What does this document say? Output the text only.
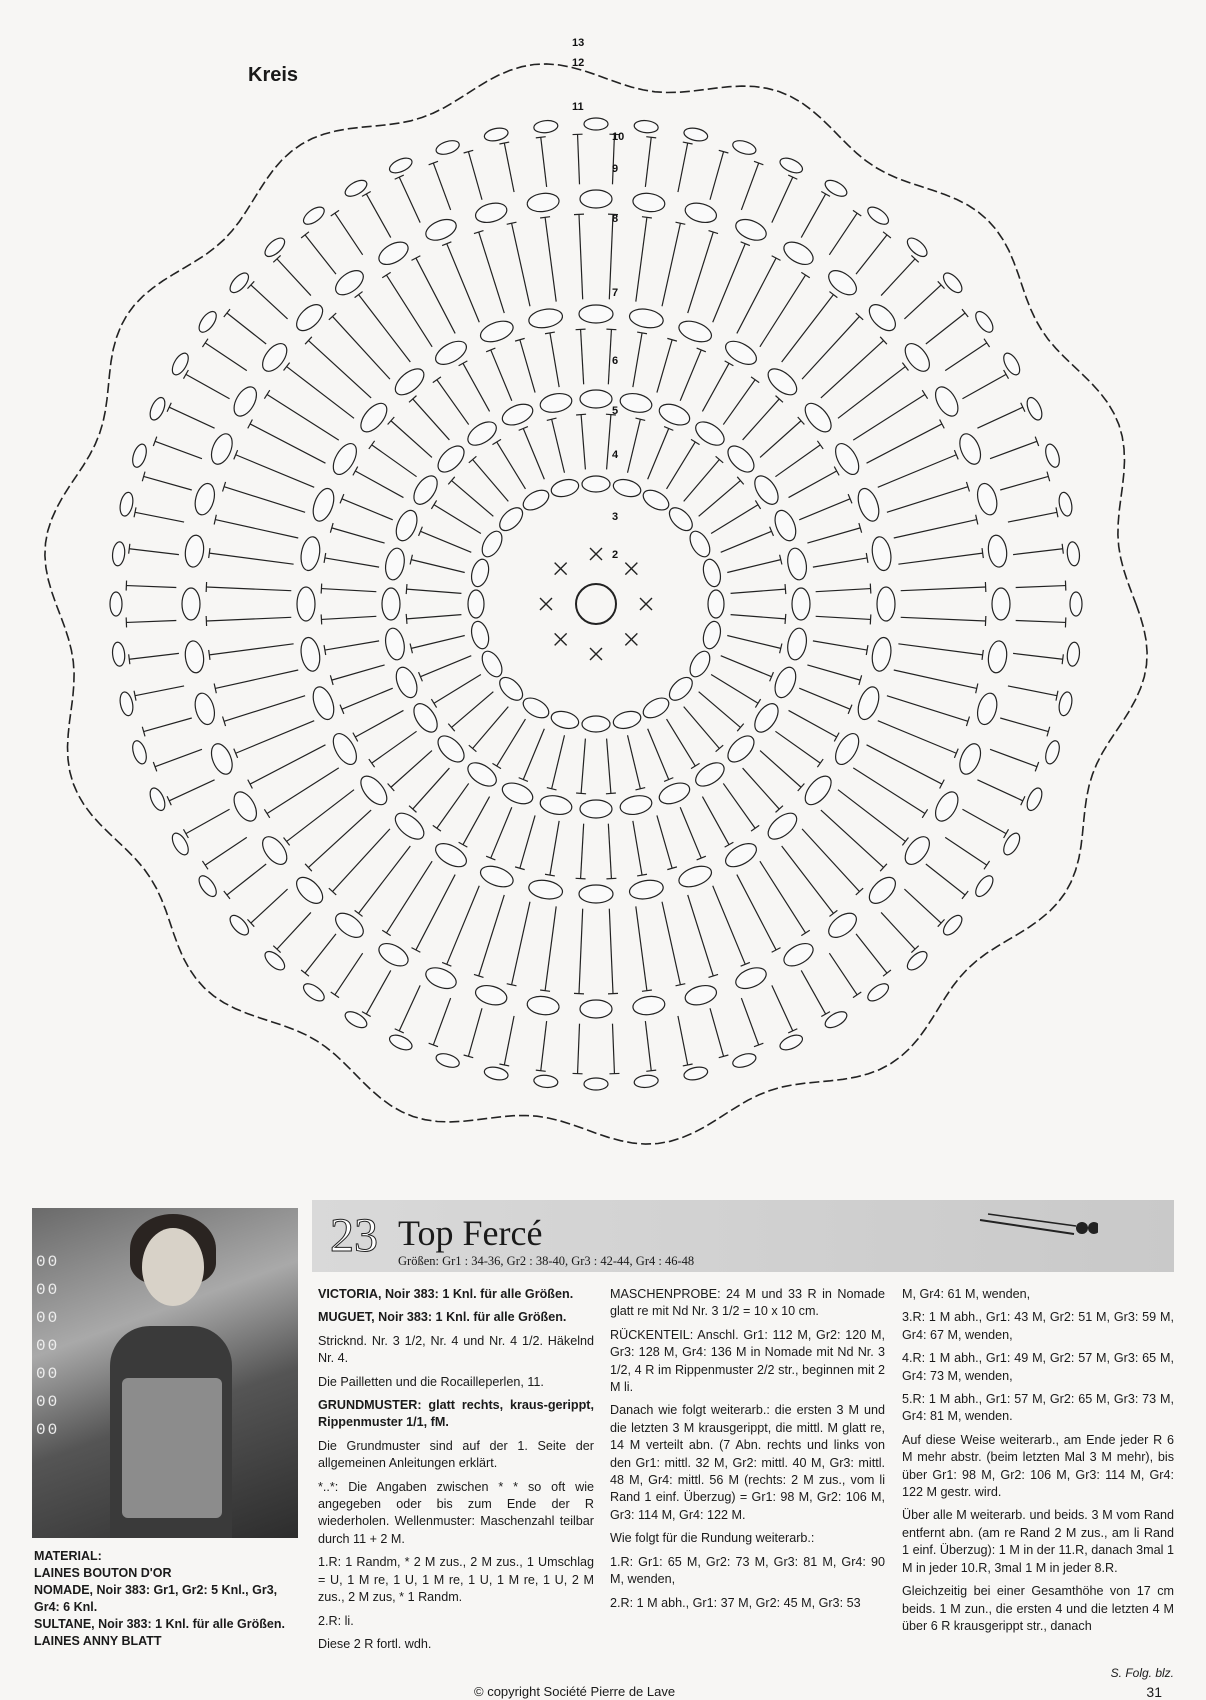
Kreis
2
3
4
5
6
7
8
9
10
11
12
13
00
00
00
00
00
00
00
MATERIAL:
LAINES BOUTON D'OR
NOMADE, Noir 383: Gr1, Gr2: 5 Knl., Gr3,
Gr4: 6 Knl.
SULTANE, Noir 383: 1 Knl. für alle Größen.
LAINES ANNY BLATT
23 Top Fercé
Größen: Gr1 : 34-36, Gr2 : 38-40, Gr3 : 42-44, Gr4 : 46-48

VICTORIA, Noir 383: 1 Knl. für alle Größen.

MUGUET, Noir 383: 1 Knl. für alle Größen.

Stricknd. Nr. 3 1/2, Nr. 4 und Nr. 4 1/2. Häkelnd Nr. 4.

Die Pailletten und die Rocailleperlen, 11.

GRUNDMUSTER: glatt rechts, kraus-gerippt, Rippenmuster 1/1, fM.

Die Grundmuster sind auf der 1. Seite der allgemeinen Anleitungen erklärt.

*..*: Die Angaben zwischen * * so oft wie angegeben oder bis zum Ende der R wiederholen. Wellenmuster: Maschenzahl teilbar durch 11 + 2 M.

1.R: 1 Randm, * 2 M zus., 2 M zus., 1 Umschlag = U, 1 M re, 1 U, 1 M re, 1 U, 1 M re, 1 U, 2 M zus., 2 M zus, * 1 Randm.

2.R: li.

Diese 2 R fortl. wdh.

MASCHENPROBE: 24 M und 33 R in Nomade glatt re mit Nd Nr. 3 1/2 = 10 x 10 cm.

RÜCKENTEIL: Anschl. Gr1: 112 M, Gr2: 120 M, Gr3: 128 M, Gr4: 136 M in Nomade mit Nd Nr. 3 1/2, 4 R im Rippenmuster 2/2 str., beginnen mit 2 M li.

Danach wie folgt weiterarb.: die ersten 3 M und die letzten 3 M krausgerippt, die mittl. M glatt re, 14 M verteilt abn. (7 Abn. rechts und links von den Gr1: mittl. 32 M, Gr2: mittl. 40 M, Gr3: mittl. 48 M, Gr4: mittl. 56 M (rechts: 2 M zus., vom li Rand 1 einf. Überzug) = Gr1: 98 M, Gr2: 106 M, Gr3: 114 M, Gr4: 122 M.

Wie folgt für die Rundung weiterarb.:

1.R: Gr1: 65 M, Gr2: 73 M, Gr3: 81 M, Gr4: 90 M, wenden,

2.R: 1 M abh., Gr1: 37 M, Gr2: 45 M, Gr3: 53

M, Gr4: 61 M, wenden,

3.R: 1 M abh., Gr1: 43 M, Gr2: 51 M, Gr3: 59 M, Gr4: 67 M, wenden,

4.R: 1 M abh., Gr1: 49 M, Gr2: 57 M, Gr3: 65 M, Gr4: 73 M, wenden,

5.R: 1 M abh., Gr1: 57 M, Gr2: 65 M, Gr3: 73 M, Gr4: 81 M, wenden.

Auf diese Weise weiterarb., am Ende jeder R 6 M mehr abstr. (beim letzten Mal 3 M mehr), bis über Gr1: 98 M, Gr2: 106 M, Gr3: 114 M, Gr4: 122 M gestr. wird.

Über alle M weiterarb. und beids. 3 M vom Rand entfernt abn. (am re Rand 2 M zus., am li Rand 1 einf. Überzug): 1 M in der 11.R, danach 3mal 1 M in jeder 10.R, 3mal 1 M in jeder 8.R.

Gleichzeitig bei einer Gesamthöhe von 17 cm beids. 1 M zun., die ersten 4 und die letzten 4 M über 6 R krausgerippt str., danach

S. Folg. blz.
© copyright Société Pierre de Lave	31
